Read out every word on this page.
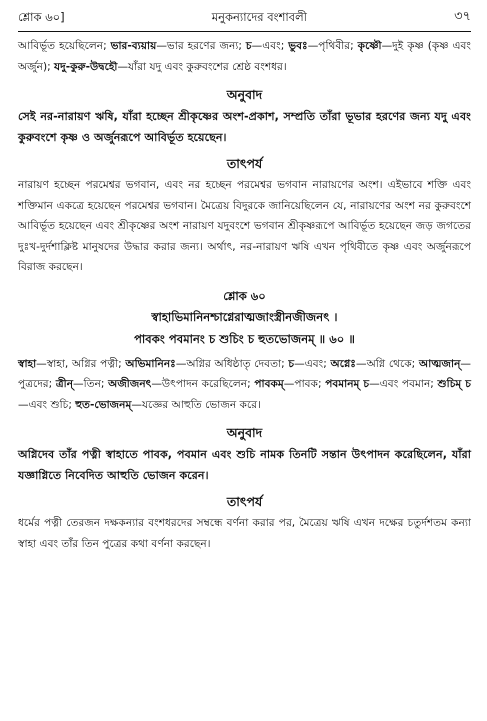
শ্লোক ৬০]	মনুকন্যাদের বংশাবলী	৩৭

আবির্ভূত হয়েছিলেন; ভার-ব্যয়ায়—ভার হরণের জন্য; চ—এবং; ভুবঃ—পৃথিবীর; কৃষ্ণৌ—দুই কৃষ্ণ (কৃষ্ণ এবং অর্জুন); যদু-কুরু-উদ্বহৌ—যাঁরা যদু এবং কুরুবংশের শ্রেষ্ঠ বংশধর।

অনুবাদ

সেই নর-নারায়ণ ঋষি, যাঁরা হচ্ছেন শ্রীকৃষ্ণের অংশ-প্রকাশ, সম্প্রতি তাঁরা ভূভার হরণের জন্য যদু এবং কুরুবংশে কৃষ্ণ ও অর্জুনরূপে আবির্ভূত হয়েছেন।

তাৎপর্য

নারায়ণ হচ্ছেন পরমেশ্বর ভগবান, এবং নর হচ্ছেন পরমেশ্বর ভগবান নারায়ণের অংশ। এইভাবে শক্তি এবং শক্তিমান একত্রে হয়েছেন পরমেশ্বর ভগবান। মৈত্রেয় বিদুরকে জানিয়েছিলেন যে, নারায়ণের অংশ নর কুরুবংশে আবির্ভূত হয়েছেন এবং শ্রীকৃষ্ণের অংশ নারায়ণ যদুবংশে ভগবান শ্রীকৃষ্ণরূপে আবির্ভূত হয়েছেন জড় জগতের দুঃখ-দুর্দশাক্লিষ্ট মানুষদের উদ্ধার করার জন্য। অর্থাৎ, নর-নারায়ণ ঋষি এখন পৃথিবীতে কৃষ্ণ এবং অর্জুনরূপে বিরাজ করছেন।

শ্লোক ৬০
স্বাহাভিমানিনশ্চাগ্নেরাত্মজাংস্ত্রীনজীজনৎ ।
পাবকং পবমানং চ শুচিং চ হুতভোজনম্ ॥ ৬০ ॥

স্বাহা—স্বাহা, অগ্নির পত্নী; অভিমানিনঃ—অগ্নির অধিষ্ঠাতৃ দেবতা; চ—এবং; অগ্নেঃ—অগ্নি থেকে; আত্মজান্—পুত্রদের; ত্রীন্—তিন; অজীজনৎ—উৎপাদন করেছিলেন; পাবকম্—পাবক; পবমানম্ চ—এবং পবমান; শুচিম্ চ—এবং শুচি; হুত-ভোজনম্—যজ্ঞের আহুতি ভোজন করে।

অনুবাদ

অগ্নিদেব তাঁর পত্নী স্বাহাতে পাবক, পবমান এবং শুচি নামক তিনটি সন্তান উৎপাদন করেছিলেন, যাঁরা যজ্ঞাগ্নিতে নিবেদিত আহুতি ভোজন করেন।

তাৎপর্য

ধর্মের পত্নী তেরজন দক্ষকন্যার বংশধরদের সম্বন্ধে বর্ণনা করার পর, মৈত্রেয় ঋষি এখন দক্ষের চতুর্দশতম কন্যা স্বাহা এবং তাঁর তিন পুত্রের কথা বর্ণনা করছেন।
